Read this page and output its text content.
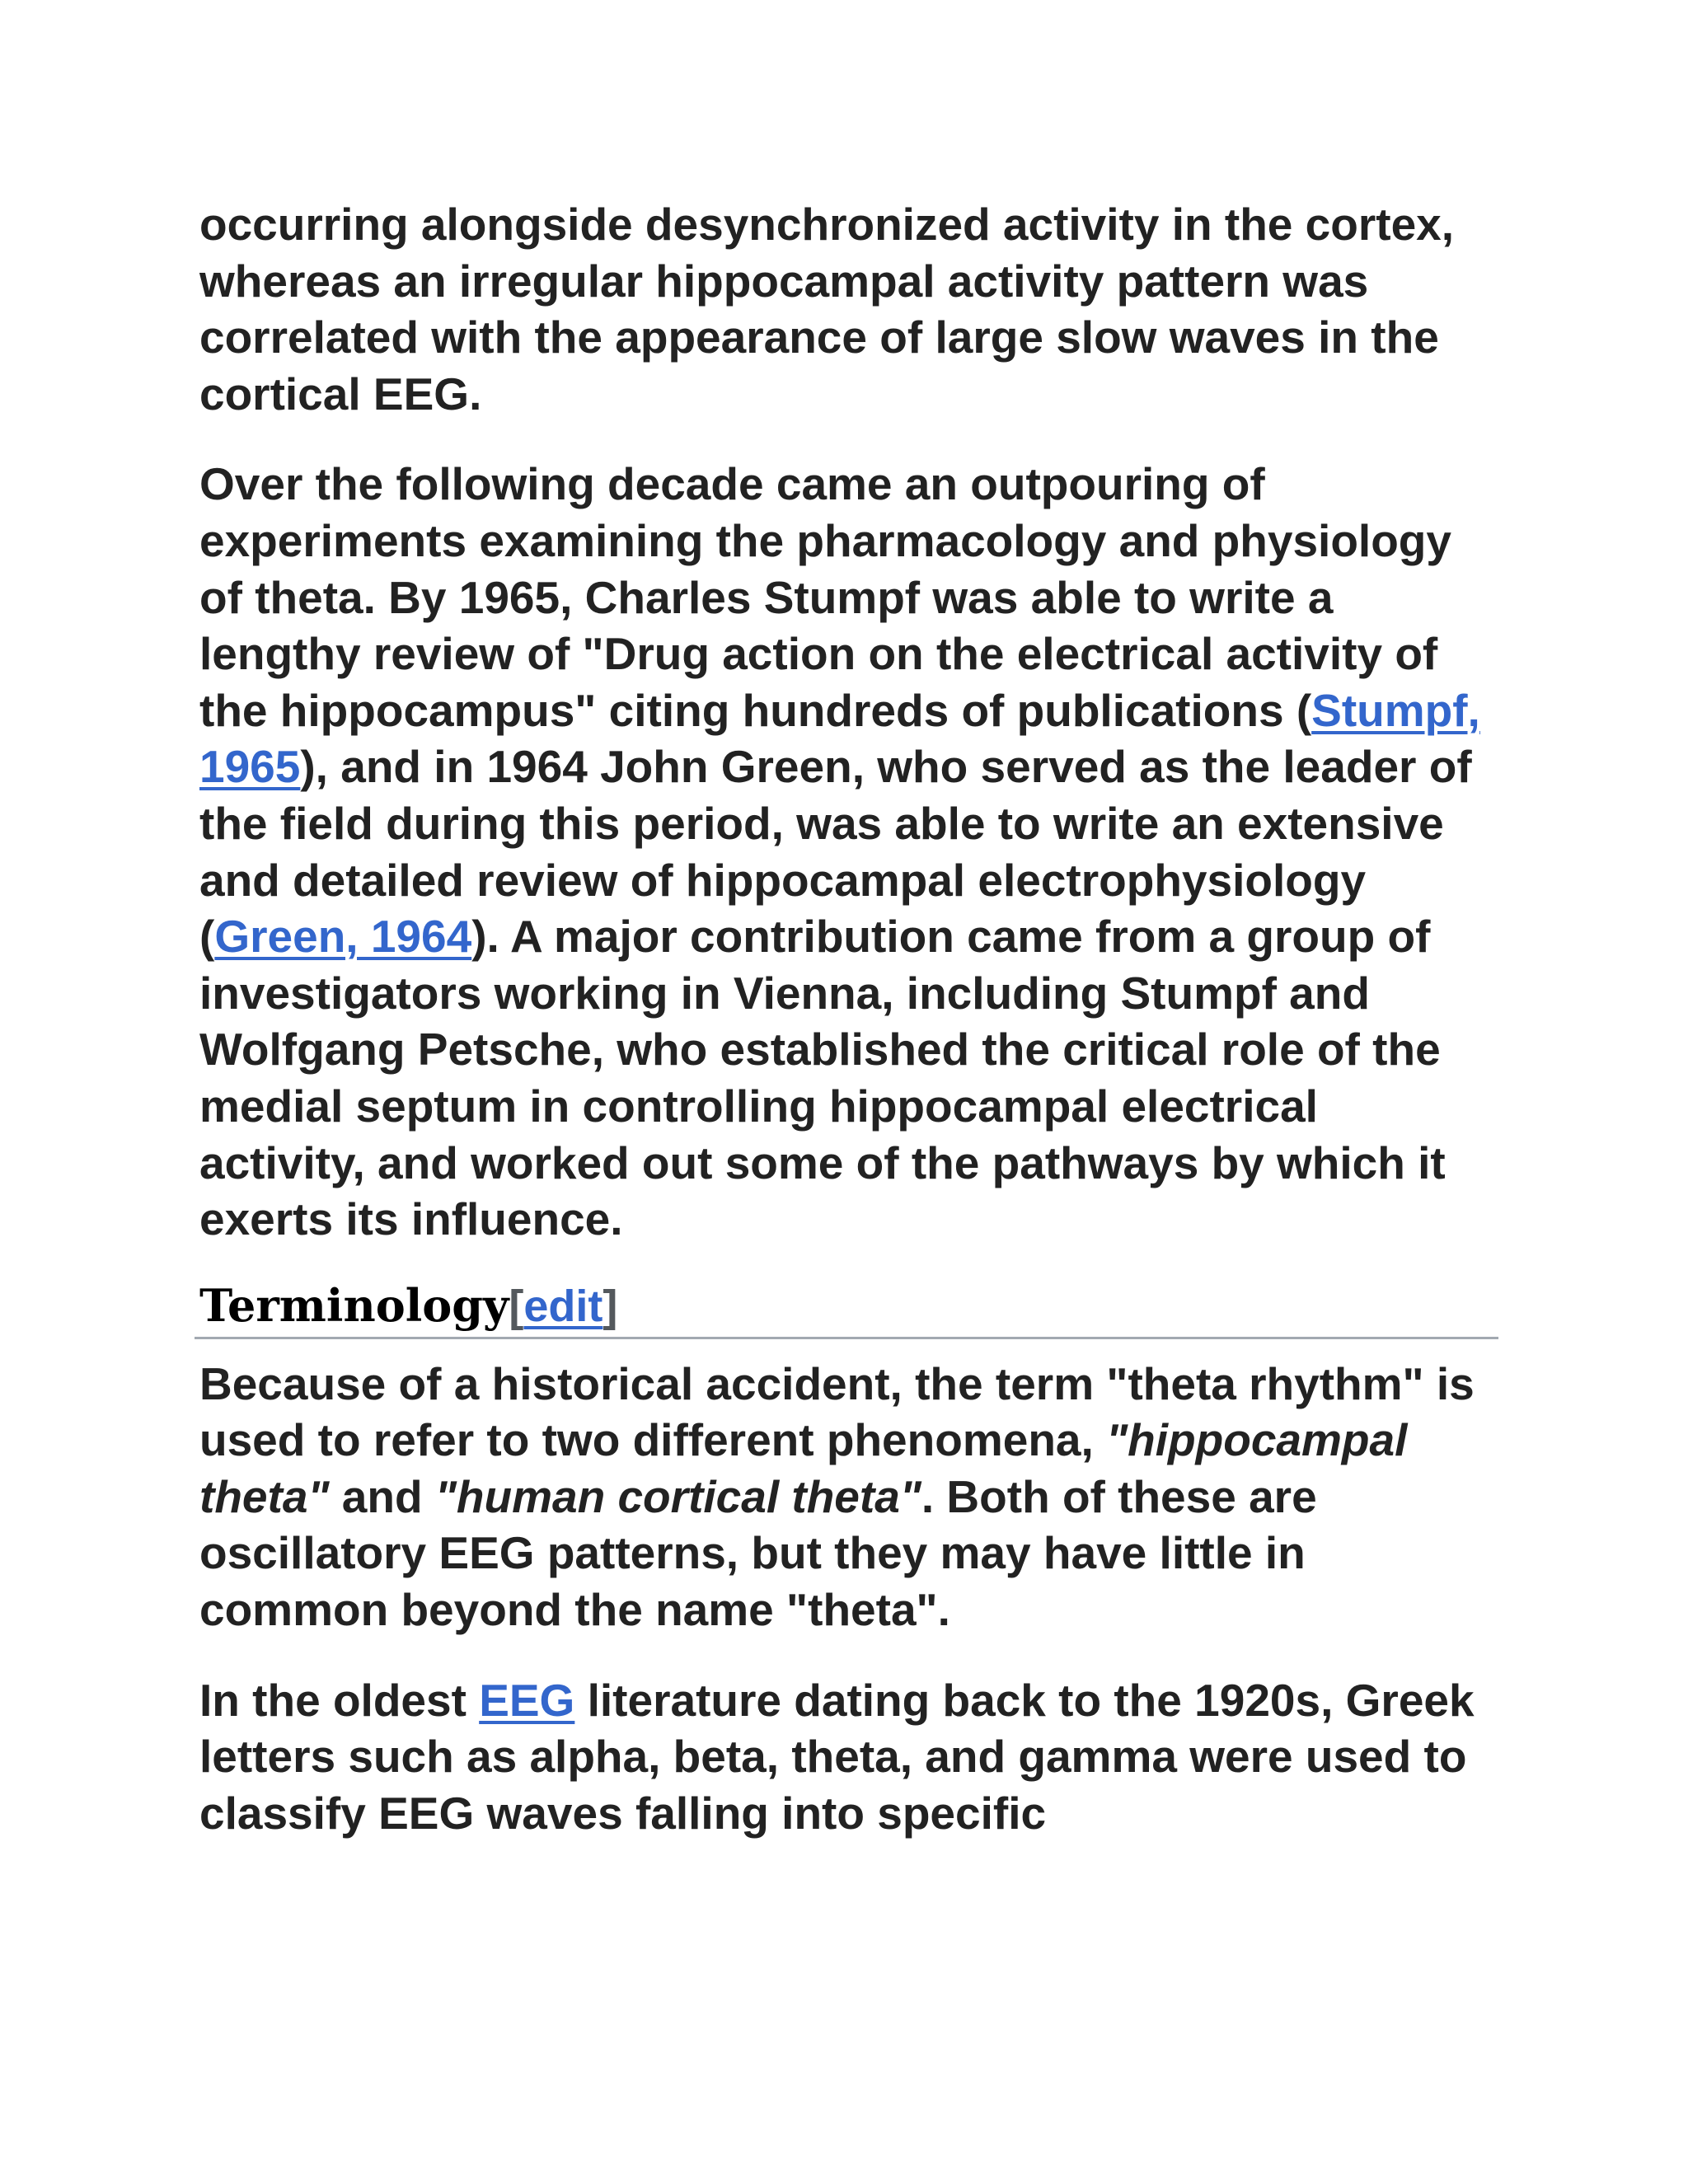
occurring alongside desynchronized activity in the cortex, whereas an irregular hippocampal activity pattern was correlated with the appearance of large slow waves in the cortical EEG.

Over the following decade came an outpouring of experiments examining the pharmacology and physiology of theta. By 1965, Charles Stumpf was able to write a lengthy review of "Drug action on the electrical activity of the hippocampus" citing hundreds of publications (Stumpf, 1965), and in 1964 John Green, who served as the leader of the field during this period, was able to write an extensive and detailed review of hippocampal electrophysiology (Green, 1964). A major contribution came from a group of investigators working in Vienna, including Stumpf and Wolfgang Petsche, who established the critical role of the medial septum in controlling hippocampal electrical activity, and worked out some of the pathways by which it exerts its influence.

Terminology[edit]

Because of a historical accident, the term "theta rhythm" is used to refer to two different phenomena, "hippocampal theta" and "human cortical theta". Both of these are oscillatory EEG patterns, but they may have little in common beyond the name "theta".

In the oldest EEG literature dating back to the 1920s, Greek letters such as alpha, beta, theta, and gamma were used to classify EEG waves falling into specific
